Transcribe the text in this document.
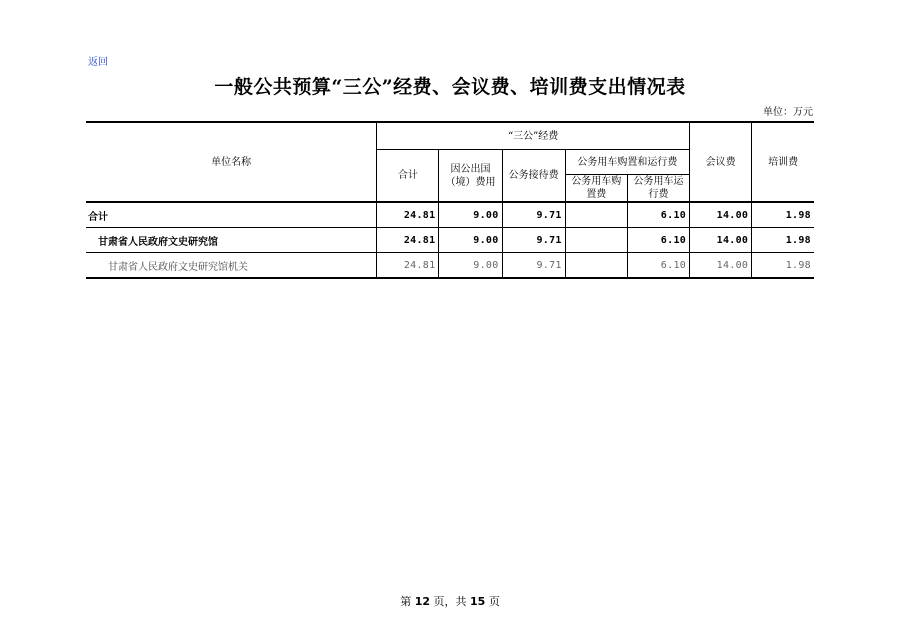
返回
一般公共预算“三公”经费、会议费、培训费支出情况表
单位：万元
单位名称	“三公”经费					会议费	培训费
	合计	因公出国（境）费用	公务接待费	公务用车购置和运行费			
				公务用车购置费	公务用车运行费		
合计	24.81	9.00	9.71		6.10	14.00	1.98
甘肃省人民政府文史研究馆	24.81	9.00	9.71		6.10	14.00	1.98
甘肃省人民政府文史研究馆机关	24.81	9.00	9.71		6.10	14.00	1.98
第 12 页，共 15 页
